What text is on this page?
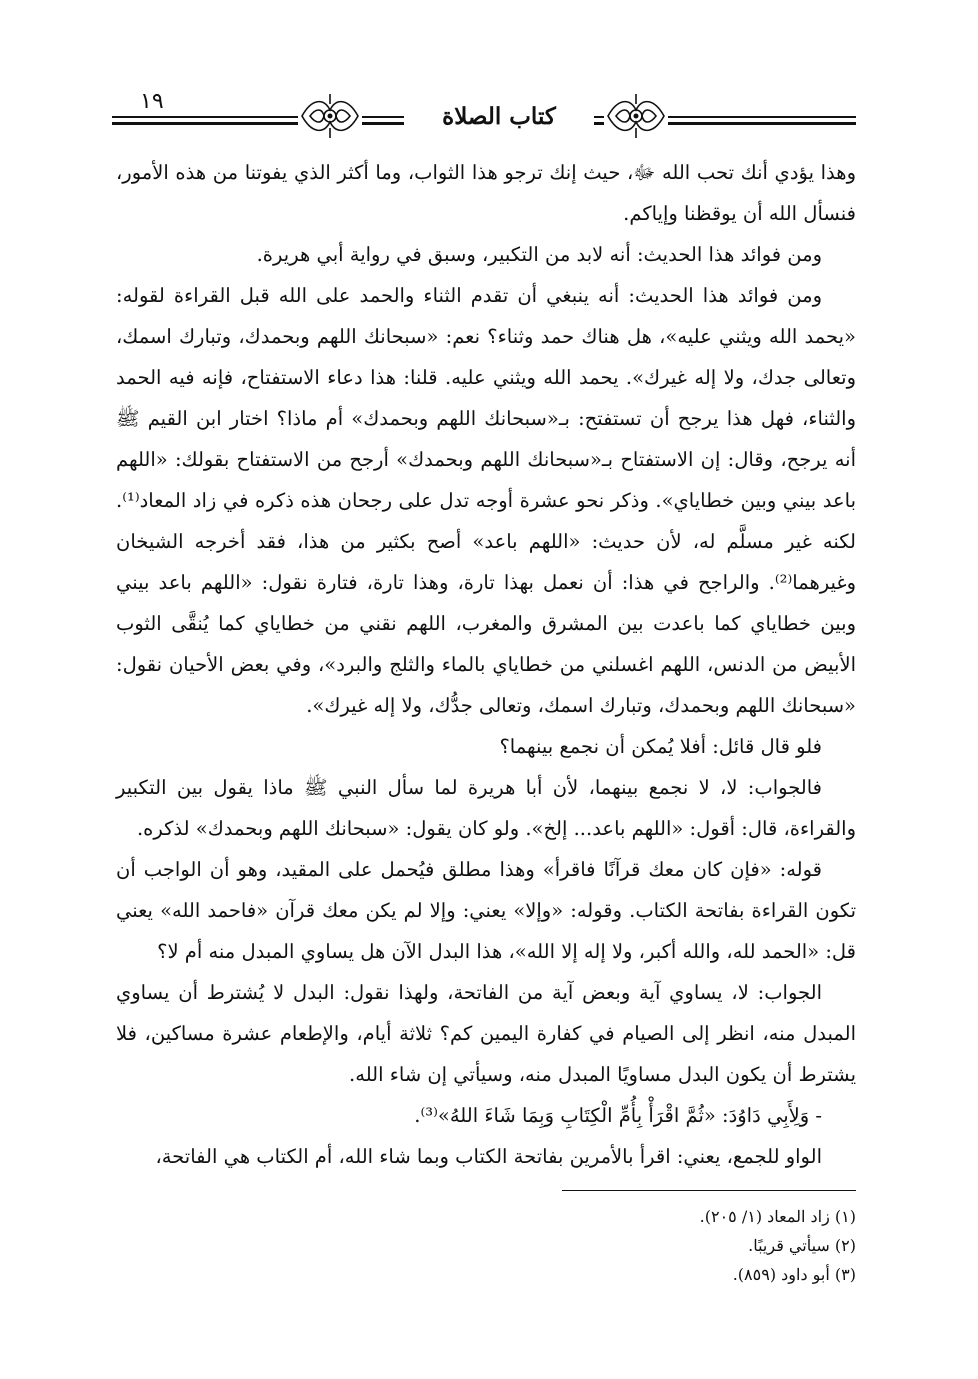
١٩
كتاب الصلاة

وهذا يؤدي أنك تحب الله ﷻ، حيث إنك ترجو هذا الثواب، وما أكثر الذي يفوتنا من هذه الأمور، فنسأل الله أن يوقظنا وإياكم.

ومن فوائد هذا الحديث: أنه لابد من التكبير، وسبق في رواية أبي هريرة.

ومن فوائد هذا الحديث: أنه ينبغي أن تقدم الثناء والحمد على الله قبل القراءة لقوله: «يحمد الله ويثني عليه»، هل هناك حمد وثناء؟ نعم: «سبحانك اللهم وبحمدك، وتبارك اسمك، وتعالى جدك، ولا إله غيرك». يحمد الله ويثني عليه. قلنا: هذا دعاء الاستفتاح، فإنه فيه الحمد والثناء، فهل هذا يرجح أن تستفتح: بـ«سبحانك اللهم وبحمدك» أم ماذا؟ اختار ابن القيم ﷺ أنه يرجح، وقال: إن الاستفتاح بـ«سبحانك اللهم وبحمدك» أرجح من الاستفتاح بقولك: «اللهم باعد بيني وبين خطاياي». وذكر نحو عشرة أوجه تدل على رجحان هذه ذكره في زاد المعاد⁽¹⁾. لكنه غير مسلَّم له، لأن حديث: «اللهم باعد» أصح بكثير من هذا، فقد أخرجه الشيخان وغيرهما⁽²⁾. والراجح في هذا: أن نعمل بهذا تارة، وهذا تارة، فتارة نقول: «اللهم باعد بيني وبين خطاياي كما باعدت بين المشرق والمغرب، اللهم نقني من خطاياي كما يُنقَّى الثوب الأبيض من الدنس، اللهم اغسلني من خطاياي بالماء والثلج والبرد»، وفي بعض الأحيان نقول: «سبحانك اللهم وبحمدك، وتبارك اسمك، وتعالى جدُّك، ولا إله غيرك».

فلو قال قائل: أفلا يُمكن أن نجمع بينهما؟

فالجواب: لا، لا نجمع بينهما، لأن أبا هريرة لما سأل النبي ﷺ ماذا يقول بين التكبير والقراءة، قال: أقول: «اللهم باعد... إلخ». ولو كان يقول: «سبحانك اللهم وبحمدك» لذكره.

قوله: «فإن كان معك قرآنًا فاقرأ» وهذا مطلق فيُحمل على المقيد، وهو أن الواجب أن تكون القراءة بفاتحة الكتاب. وقوله: «وإلا» يعني: وإلا لم يكن معك قرآن «فاحمد الله» يعني قل: «الحمد لله، والله أكبر، ولا إله إلا الله»، هذا البدل الآن هل يساوي المبدل منه أم لا؟

الجواب: لا، يساوي آية وبعض آية من الفاتحة، ولهذا نقول: البدل لا يُشترط أن يساوي المبدل منه، انظر إلى الصيام في كفارة اليمين كم؟ ثلاثة أيام، والإطعام عشرة مساكين، فلا يشترط أن يكون البدل مساويًا المبدل منه، وسيأتي إن شاء الله.

- وَلِأَبِي دَاوُدَ: «ثُمَّ اقْرَأْ بِأُمِّ الْكِتَابِ وَبِمَا شَاءَ اللهُ»⁽³⁾.

الواو للجمع، يعني: اقرأ بالأمرين بفاتحة الكتاب وبما شاء الله، أم الكتاب هي الفاتحة،

(١) زاد المعاد (١/ ٢٠٥).
(٢) سيأتي قريبًا.
(٣) أبو داود (٨٥٩).
